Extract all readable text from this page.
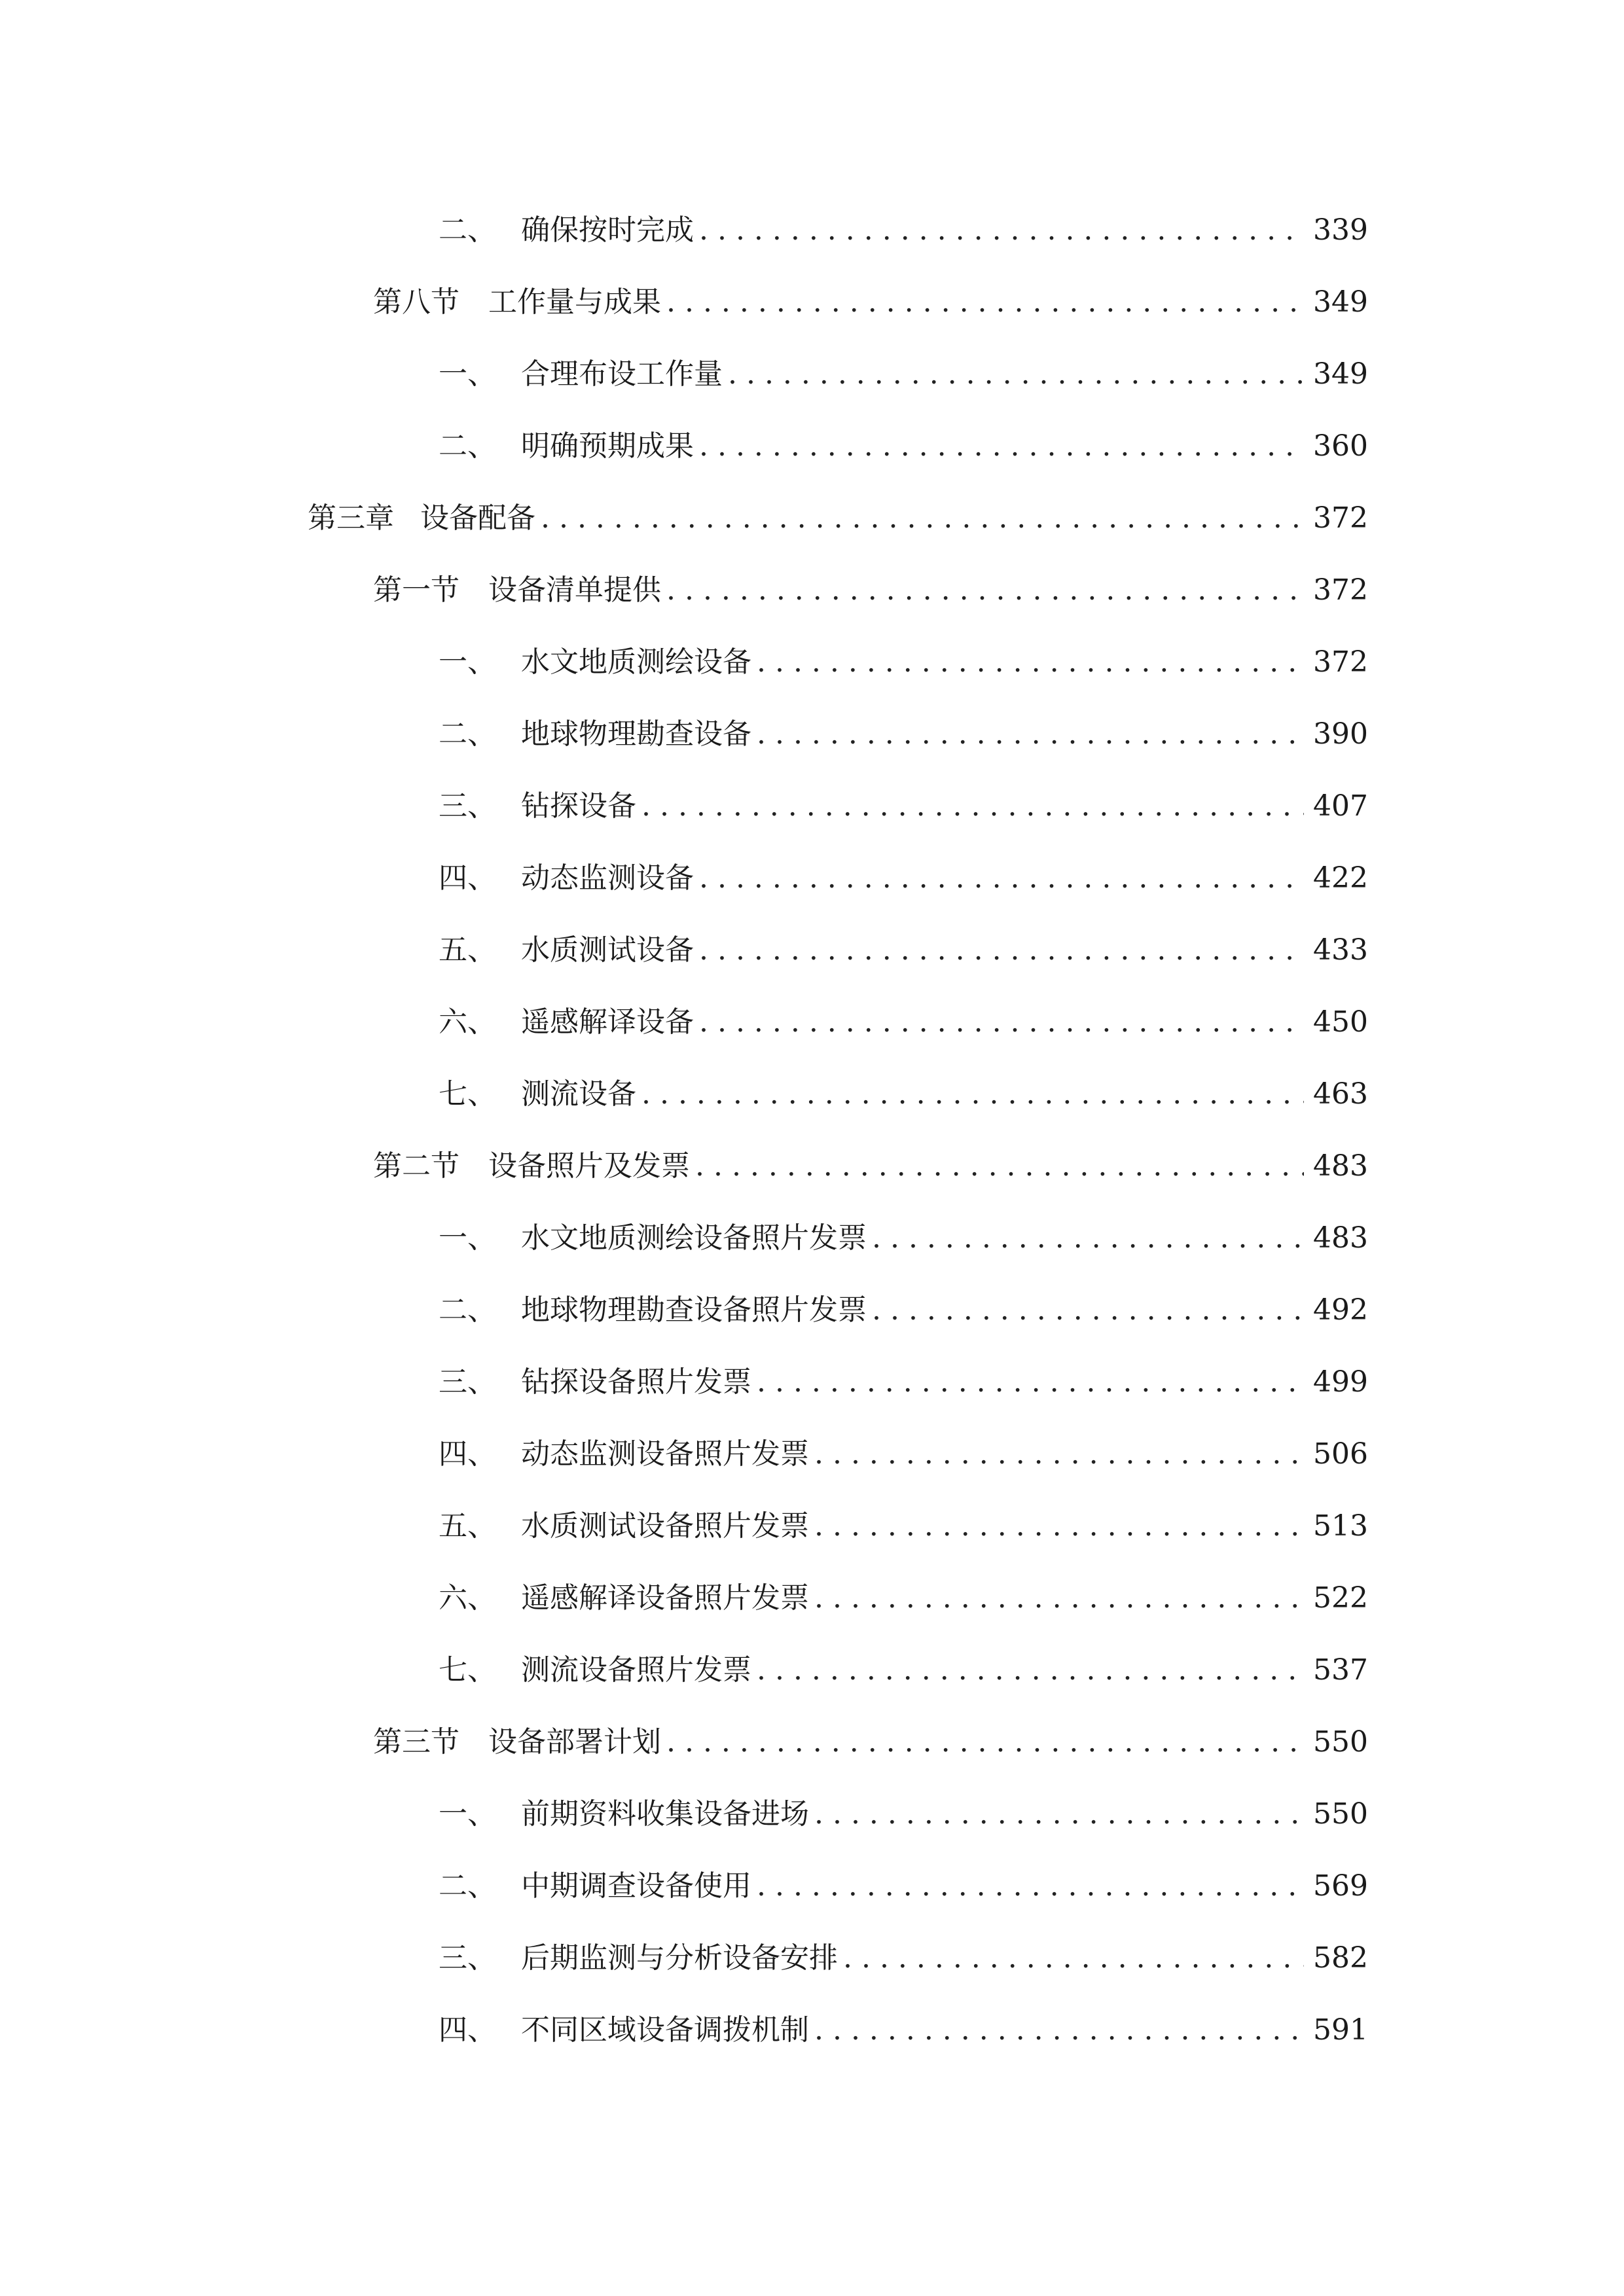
二、 确保按时完成 . . .	339
第八节	工作量与成果 . . .	349
一、 合理布设工作量 . . .	349
二、 明确预期成果 . . .	360
第三章 设备配备 . . .	372
第一节	设备清单提供 . . .	372
一、 水文地质测绘设备 . . .	372
二、 地球物理勘查设备 . . .	390
三、 钻探设备 . . .	407
四、 动态监测设备 . . .	422
五、 水质测试设备 . . .	433
六、 遥感解译设备 . . .	450
七、 测流设备 . . .	463
第二节	设备照片及发票 . . .	483
一、 水文地质测绘设备照片发票 . . .	483
二、 地球物理勘查设备照片发票 . . .	492
三、 钻探设备照片发票 . . .	499
四、 动态监测设备照片发票 . . .	506
五、 水质测试设备照片发票 . . .	513
六、 遥感解译设备照片发票 . . .	522
七、 测流设备照片发票 . . .	537
第三节	设备部署计划 . . .	550
一、 前期资料收集设备进场 . . .	550
二、 中期调查设备使用 . . .	569
三、 后期监测与分析设备安排 . . .	582
四、 不同区域设备调拨机制 . . .	591
